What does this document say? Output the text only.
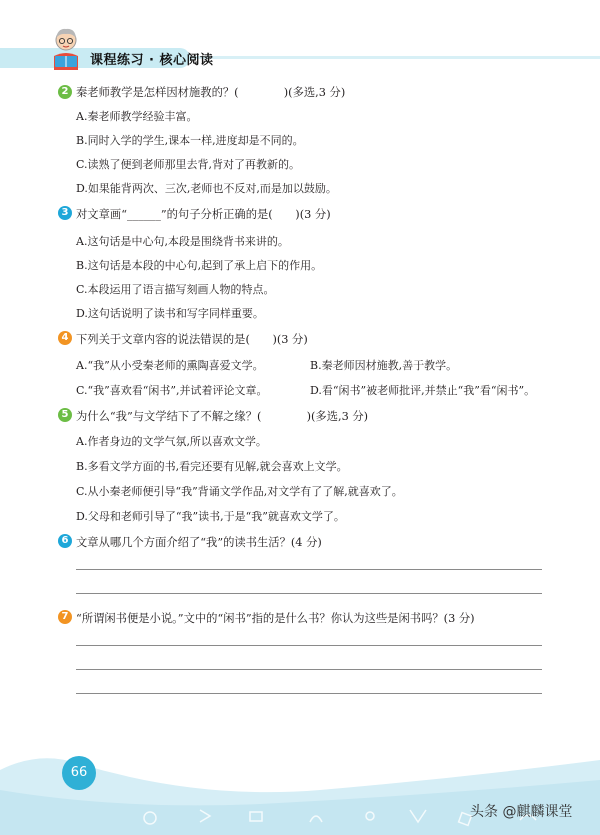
课程练习 · 核心阅读
2 秦老师教学是怎样因材施教的？(　　　　)(多选,3 分)
A.秦老师教学经验丰富。
B.同时入学的学生,课本一样,进度却是不同的。
C.读熟了便到老师那里去背,背对了再教新的。
D.如果能背两次、三次,老师也不反对,而是加以鼓励。
3 对文章画“______”的句子分析正确的是(　　)(3 分)
A.这句话是中心句,本段是围绕背书来讲的。
B.这句话是本段的中心句,起到了承上启下的作用。
C.本段运用了语言描写刻画人物的特点。
D.这句话说明了读书和写字同样重要。
4 下列关于文章内容的说法错误的是(　　)(3 分)
A.“我”从小受秦老师的熏陶喜爱文学。	B.秦老师因材施教,善于教学。
C.“我”喜欢看“闲书”,并试着评论文章。	D.看“闲书”被老师批评,并禁止“我”看“闲书”。
5 为什么“我”与文学结下了不解之缘？(　　　　)(多选,3 分)
A.作者身边的文学气氛,所以喜欢文学。
B.多看文学方面的书,看完还要有见解,就会喜欢上文学。
C.从小秦老师便引导“我”背诵文学作品,对文学有了了解,就喜欢了。
D.父母和老师引导了“我”读书,于是“我”就喜欢文学了。
6 文章从哪几个方面介绍了“我”的读书生活？(4 分)
7 “所谓闲书便是小说。”文中的“闲书”指的是什么书？你认为这些是闲书吗？(3 分)
66
头条 @麒麟课堂
